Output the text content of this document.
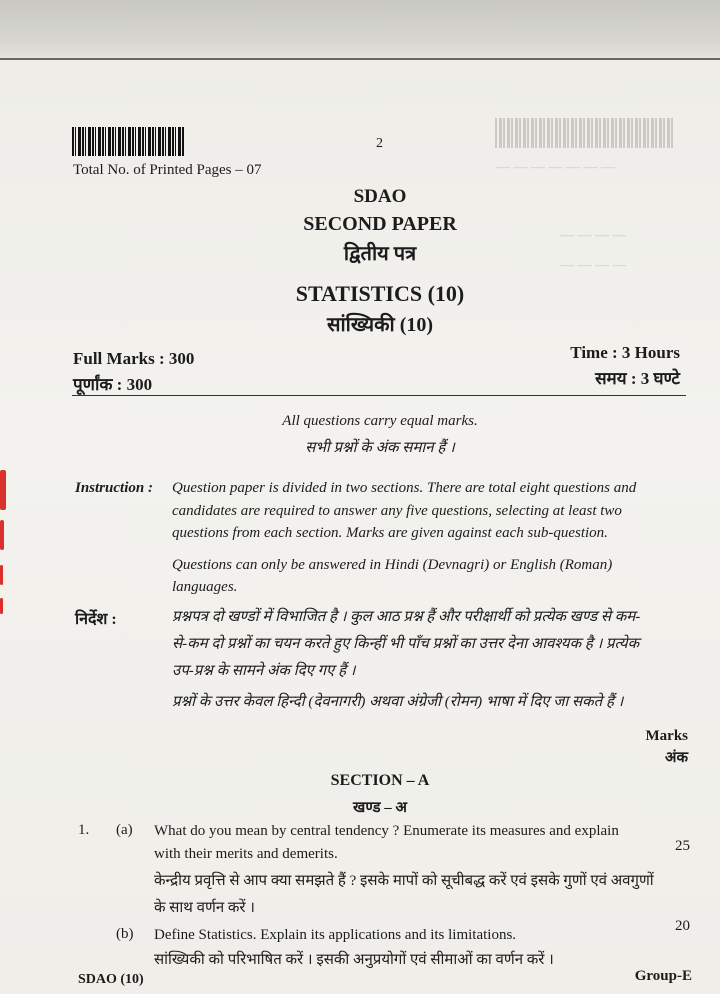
— — — — — — —
— — — —
— — — —
2
Total No. of Printed Pages – 07
SDAO
SECOND PAPER
द्वितीय पत्र
STATISTICS (10)
सांख्यिकी (10)
Full Marks : 300
पूर्णांक : 300
Time : 3 Hours
समय : 3 घण्टे
All questions carry equal marks.
सभी प्रश्नों के अंक समान हैं ।
Instruction : Question paper is divided in two sections. There are total eight questions and
candidates are required to answer any five questions, selecting at least two
questions from each section. Marks are given against each sub-question.
Questions can only be answered in Hindi (Devnagri) or English (Roman)
languages.
निर्देश :	प्रश्नपत्र दो खण्डों में विभाजित है । कुल आठ प्रश्न हैं और परीक्षार्थी को प्रत्येक खण्ड से कम-
से-कम दो प्रश्नों का चयन करते हुए किन्हीं भी पाँच प्रश्नों का उत्तर देना आवश्यक है । प्रत्येक
उप-प्रश्न के सामने अंक दिए गए हैं ।
प्रश्नों के उत्तर केवल हिन्दी (देवनागरी) अथवा अंग्रेजी (रोमन) भाषा में दिए जा सकते हैं ।
Marks
अंक
SECTION – A
खण्ड – अ
1. (a) What do you mean by central tendency ? Enumerate its measures and explain
with their merits and demerits.
केन्द्रीय प्रवृत्ति से आप क्या समझते हैं ? इसके मापों को सूचीबद्ध करें एवं इसके गुणों एवं अवगुणों
के साथ वर्णन करें ।
25
(b) Define Statistics. Explain its applications and its limitations.
सांख्यिकी को परिभाषित करें । इसकी अनुप्रयोगों एवं सीमाओं का वर्णन करें ।
20
SDAO (10)	Group-E
